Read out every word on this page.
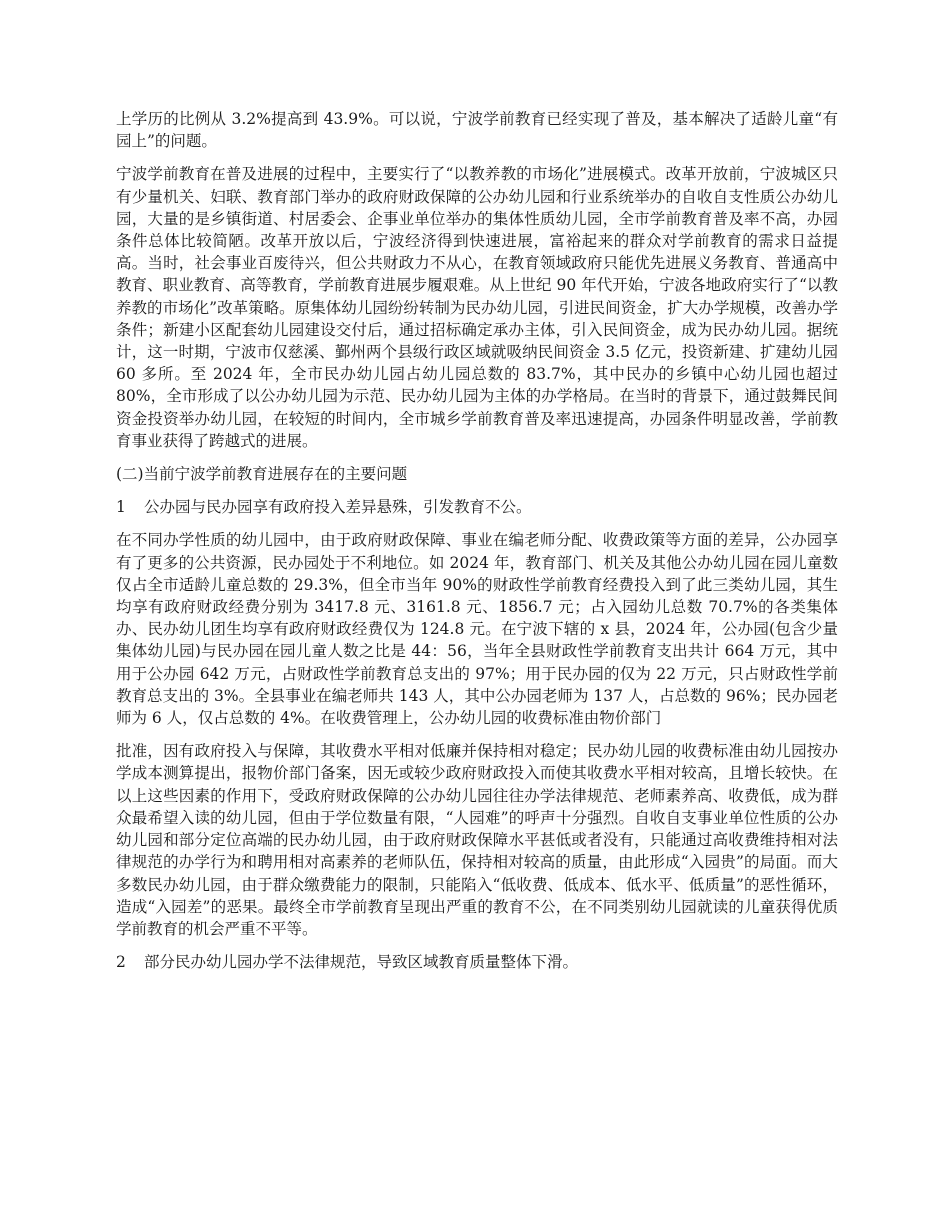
上学历的比例从 3.2%提高到 43.9%。可以说，宁波学前教育已经实现了普及，基本解决了适龄儿童“有园上”的问题。

宁波学前教育在普及进展的过程中，主要实行了“以教养教的市场化”进展模式。改革开放前，宁波城区只有少量机关、妇联、教育部门举办的政府财政保障的公办幼儿园和行业系统举办的自收自支性质公办幼儿园，大量的是乡镇街道、村居委会、企事业单位举办的集体性质幼儿园，全市学前教育普及率不高，办园条件总体比较简陋。改革开放以后，宁波经济得到快速进展，富裕起来的群众对学前教育的需求日益提高。当时，社会事业百废待兴，但公共财政力不从心，在教育领域政府只能优先进展义务教育、普通高中教育、职业教育、高等教育，学前教育进展步履艰难。从上世纪 90 年代开始，宁波各地政府实行了“以教养教的市场化”改革策略。原集体幼儿园纷纷转制为民办幼儿园，引进民间资金，扩大办学规模，改善办学条件；新建小区配套幼儿园建设交付后，通过招标确定承办主体，引入民间资金，成为民办幼儿园。据统计，这一时期，宁波市仅慈溪、鄞州两个县级行政区域就吸纳民间资金 3.5 亿元，投资新建、扩建幼儿园 60 多所。至 2024 年，全市民办幼儿园占幼儿园总数的 83.7%，其中民办的乡镇中心幼儿园也超过 80%，全市形成了以公办幼儿园为示范、民办幼儿园为主体的办学格局。在当时的背景下，通过鼓舞民间资金投资举办幼儿园，在较短的时间内，全市城乡学前教育普及率迅速提高，办园条件明显改善，学前教育事业获得了跨越式的进展。

(二)当前宁波学前教育进展存在的主要问题

1 公办园与民办园享有政府投入差异悬殊，引发教育不公。

在不同办学性质的幼儿园中，由于政府财政保障、事业在编老师分配、收费政策等方面的差异，公办园享有了更多的公共资源，民办园处于不利地位。如 2024 年，教育部门、机关及其他公办幼儿园在园儿童数仅占全市适龄儿童总数的 29.3%，但全市当年 90%的财政性学前教育经费投入到了此三类幼儿园，其生均享有政府财政经费分别为 3417.8 元、3161.8 元、1856.7 元；占入园幼儿总数 70.7%的各类集体办、民办幼儿团生均享有政府财政经费仅为 124.8 元。在宁波下辖的 x 县，2024 年，公办园(包含少量集体幼儿园)与民办园在园儿童人数之比是 44：56，当年全县财政性学前教育支出共计 664 万元，其中用于公办园 642 万元，占财政性学前教育总支出的 97%；用于民办园的仅为 22 万元，只占财政性学前教育总支出的 3%。全县事业在编老师共 143 人，其中公办园老师为 137 人，占总数的 96%；民办园老师为 6 人，仅占总数的 4%。在收费管理上，公办幼儿园的收费标准由物价部门

批准，因有政府投入与保障，其收费水平相对低廉并保持相对稳定；民办幼儿园的收费标准由幼儿园按办学成本测算提出，报物价部门备案，因无或较少政府财政投入而使其收费水平相对较高，且增长较快。在以上这些因素的作用下，受政府财政保障的公办幼儿园往往办学法律规范、老师素养高、收费低，成为群众最希望入读的幼儿园，但由于学位数量有限，“人园难”的呼声十分强烈。自收自支事业单位性质的公办幼儿园和部分定位高端的民办幼儿园，由于政府财政保障水平甚低或者没有，只能通过高收费维持相对法律规范的办学行为和聘用相对高素养的老师队伍，保持相对较高的质量，由此形成“入园贵”的局面。而大多数民办幼儿园，由于群众缴费能力的限制，只能陷入“低收费、低成本、低水平、低质量”的恶性循环，造成“入园差”的恶果。最终全市学前教育呈现出严重的教育不公，在不同类别幼儿园就读的儿童获得优质学前教育的机会严重不平等。

2 部分民办幼儿园办学不法律规范，导致区域教育质量整体下滑。
